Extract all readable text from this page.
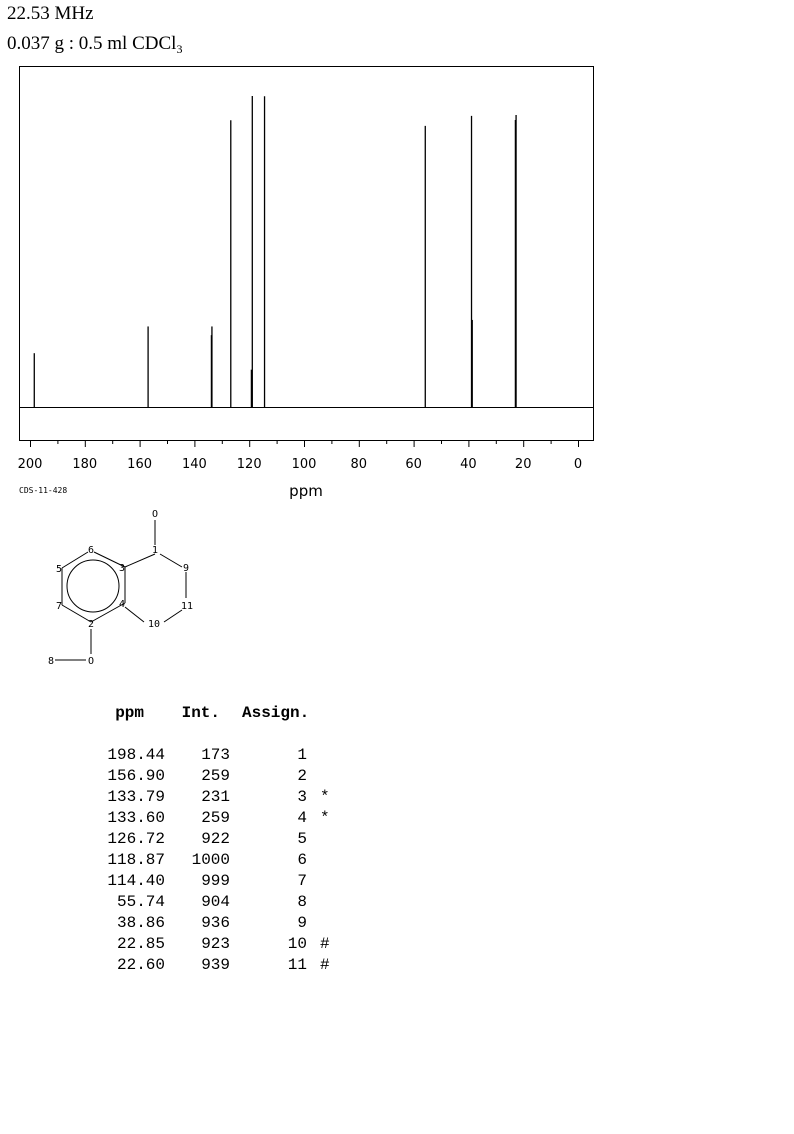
22.53 MHz
0.037 g : 0.5 ml CDCl$_3$
200 180 160 140 120 100	80	60	40	20	0
ppm
CDS-11-428
O
1
9
11
10
4
3
6
5
7
2
O
8
ppm	Int. Assign.
198.44	173	1
156.90	259	2
133.79	231	3 *
133.60	259	4 *
126.72	922	5
118.87	1000	6
114.40	999	7
55.74	904	8
38.86	936	9
22.85	923	10 #
22.60	939	11 #
